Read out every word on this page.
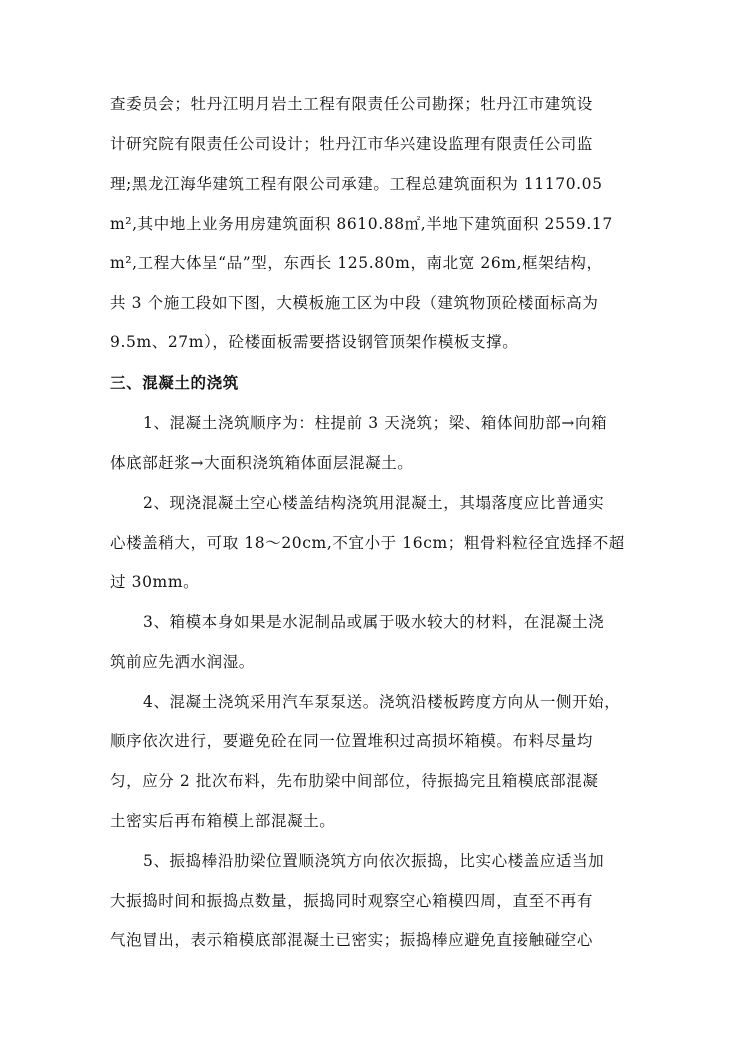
查委员会；牡丹江明月岩土工程有限责任公司勘探；牡丹江市建筑设
计研究院有限责任公司设计；牡丹江市华兴建设监理有限责任公司监
理;黑龙江海华建筑工程有限公司承建。工程总建筑面积为 11170.05
m²,其中地上业务用房建筑面积 8610.88㎡,半地下建筑面积 2559.17
m²,工程大体呈“品”型，东西长 125.80m，南北宽 26m,框架结构，
共 3 个施工段如下图，大模板施工区为中段（建筑物顶砼楼面标高为
9.5m、27m），砼楼面板需要搭设钢管顶架作模板支撑。
三、混凝土的浇筑
1、混凝土浇筑顺序为：柱提前 3 天浇筑；梁、箱体间肋部→向箱
体底部赶浆→大面积浇筑箱体面层混凝土。
2、现浇混凝土空心楼盖结构浇筑用混凝土，其塌落度应比普通实
心楼盖稍大，可取 18～20cm,不宜小于 16cm；粗骨料粒径宜选择不超
过 30mm。
3、箱模本身如果是水泥制品或属于吸水较大的材料，在混凝土浇
筑前应先洒水润湿。
4、混凝土浇筑采用汽车泵泵送。浇筑沿楼板跨度方向从一侧开始，
顺序依次进行，要避免砼在同一位置堆积过高损坏箱模。布料尽量均
匀，应分 2 批次布料，先布肋梁中间部位，待振捣完且箱模底部混凝
土密实后再布箱模上部混凝土。
5、振捣棒沿肋梁位置顺浇筑方向依次振捣，比实心楼盖应适当加
大振捣时间和振捣点数量，振捣同时观察空心箱模四周，直至不再有
气泡冒出，表示箱模底部混凝土已密实；振捣棒应避免直接触碰空心
